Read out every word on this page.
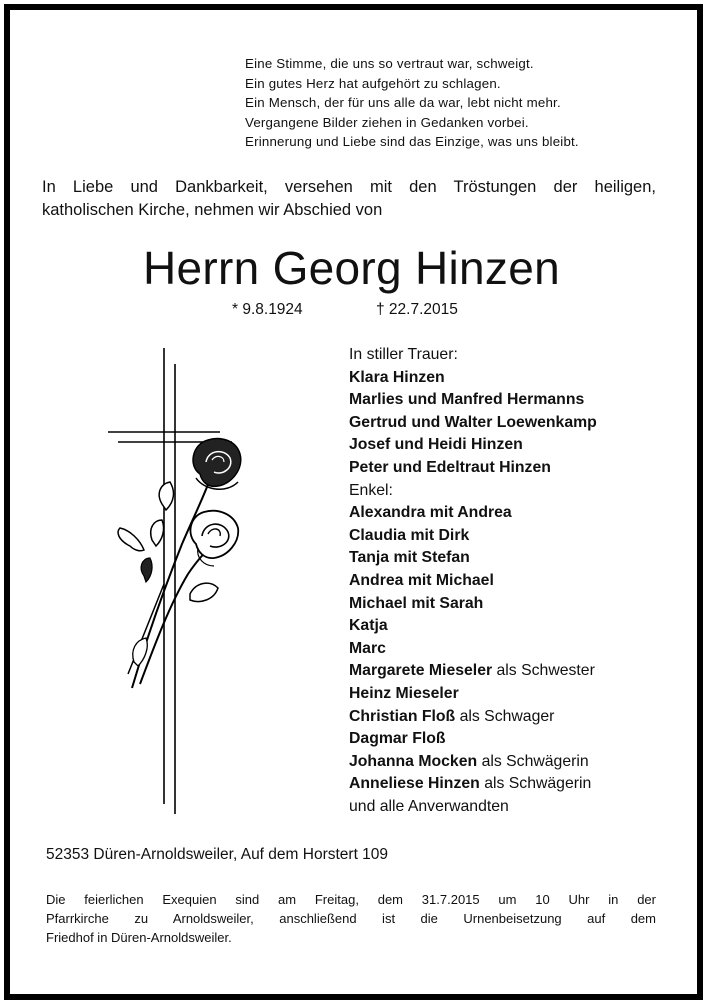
Eine Stimme, die uns so vertraut war, schweigt.
Ein gutes Herz hat aufgehört zu schlagen.
Ein Mensch, der für uns alle da war, lebt nicht mehr.
Vergangene Bilder ziehen in Gedanken vorbei.
Erinnerung und Liebe sind das Einzige, was uns bleibt.
In Liebe und Dankbarkeit, versehen mit den Tröstungen der heiligen,
katholischen Kirche, nehmen wir Abschied von
Herrn Georg Hinzen
* 9.8.1924	† 22.7.2015
In stiller Trauer:
Klara Hinzen
Marlies und Manfred Hermanns
Gertrud und Walter Loewenkamp
Josef und Heidi Hinzen
Peter und Edeltraut Hinzen
Enkel:
Alexandra mit Andrea
Claudia mit Dirk
Tanja mit Stefan
Andrea mit Michael
Michael mit Sarah
Katja
Marc
Margarete Mieseler als Schwester
Heinz Mieseler
Christian Floß als Schwager
Dagmar Floß
Johanna Mocken als Schwägerin
Anneliese Hinzen als Schwägerin
und alle Anverwandten
52353 Düren-Arnoldsweiler, Auf dem Horstert 109
Die feierlichen Exequien sind am Freitag, dem 31.7.2015 um 10 Uhr in der
Pfarrkirche zu Arnoldsweiler, anschließend ist die Urnenbeisetzung auf dem
Friedhof in Düren-Arnoldsweiler.
